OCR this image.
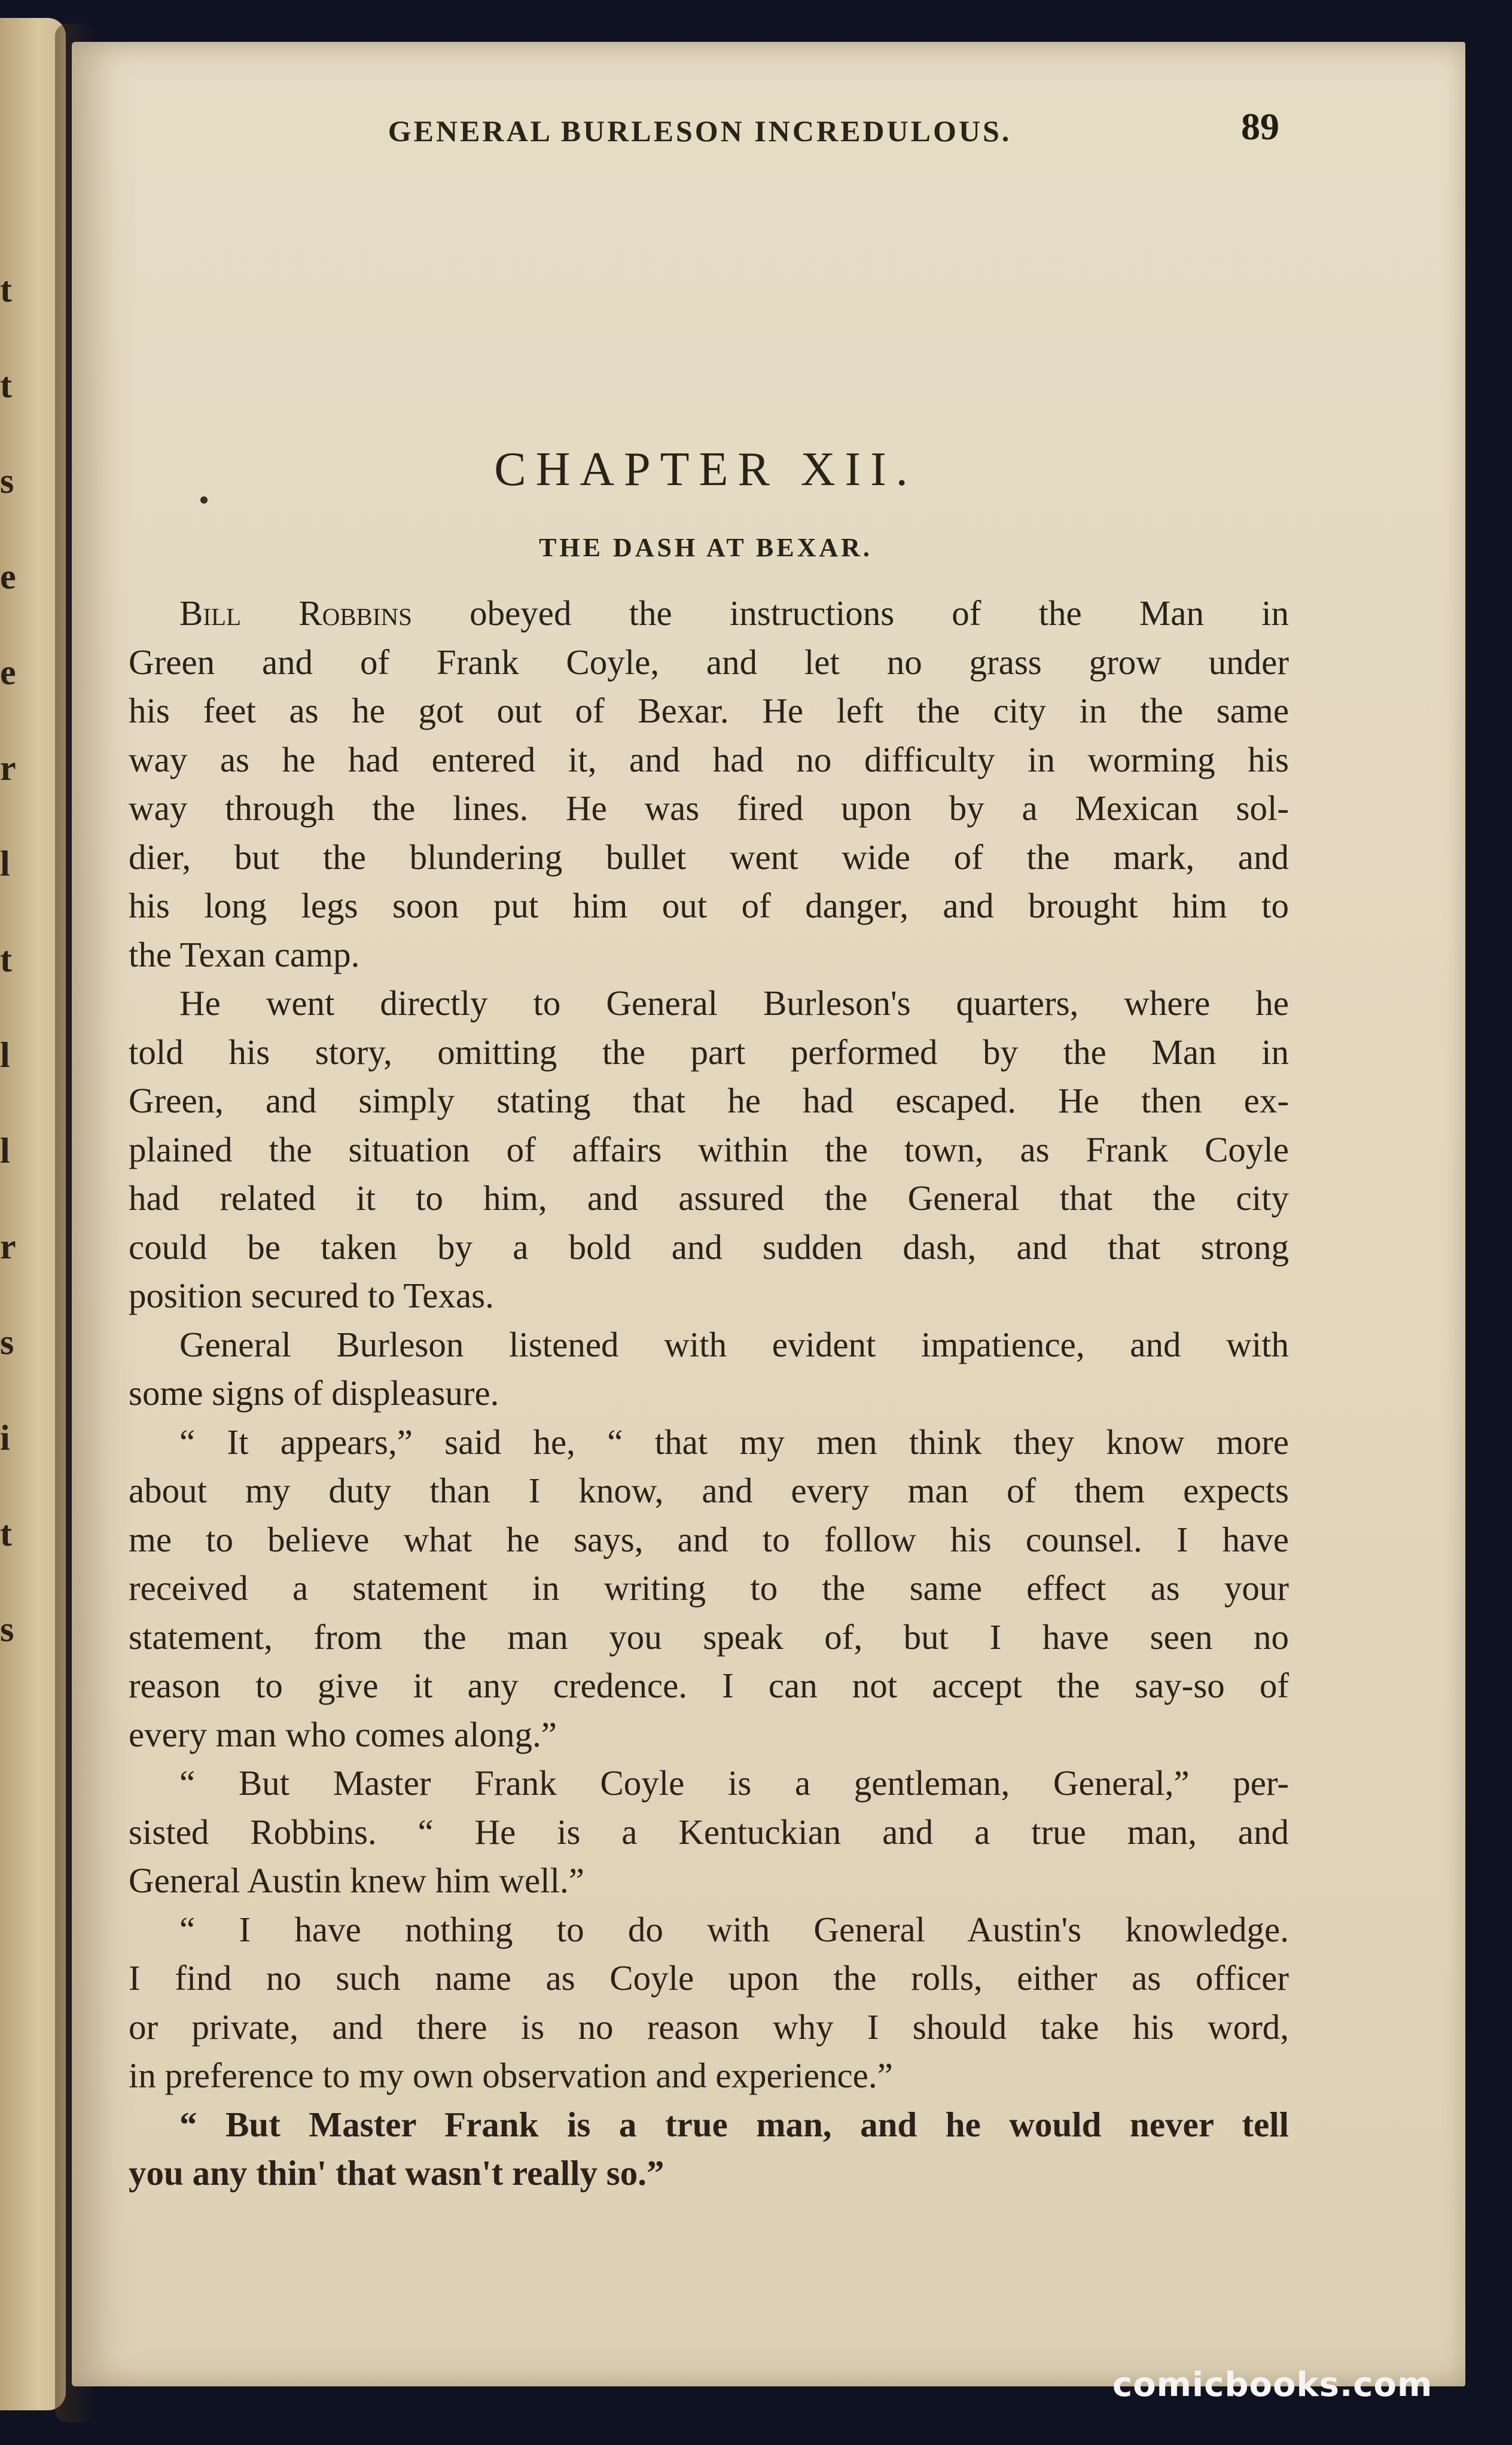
t
t
s
e
e
r
l
t
l
l
r
s
i
t
s
GENERAL BURLESON INCREDULOUS.	89
CHAPTER XII.
THE DASH AT BEXAR.
Bill Robbins obeyed the instructions of the Man in
Green and of Frank Coyle, and let no grass grow under
his feet as he got out of Bexar. He left the city in the same
way as he had entered it, and had no difficulty in worming his
way through the lines. He was fired upon by a Mexican sol-
dier, but the blundering bullet went wide of the mark, and
his long legs soon put him out of danger, and brought him to
the Texan camp.
He went directly to General Burleson's quarters, where he
told his story, omitting the part performed by the Man in
Green, and simply stating that he had escaped. He then ex-
plained the situation of affairs within the town, as Frank Coyle
had related it to him, and assured the General that the city
could be taken by a bold and sudden dash, and that strong
position secured to Texas.
General Burleson listened with evident impatience, and with
some signs of displeasure.
“ It appears,” said he, “ that my men think they know more
about my duty than I know, and every man of them expects
me to believe what he says, and to follow his counsel. I have
received a statement in writing to the same effect as your
statement, from the man you speak of, but I have seen no
reason to give it any credence. I can not accept the say-so of
every man who comes along.”
“ But Master Frank Coyle is a gentleman, General,” per-
sisted Robbins. “ He is a Kentuckian and a true man, and
General Austin knew him well.”
“ I have nothing to do with General Austin's knowledge.
I find no such name as Coyle upon the rolls, either as officer
or private, and there is no reason why I should take his word,
in preference to my own observation and experience.”
“ But Master Frank is a true man, and he would never tell
you any thin' that wasn't really so.”
comicbooks.com
